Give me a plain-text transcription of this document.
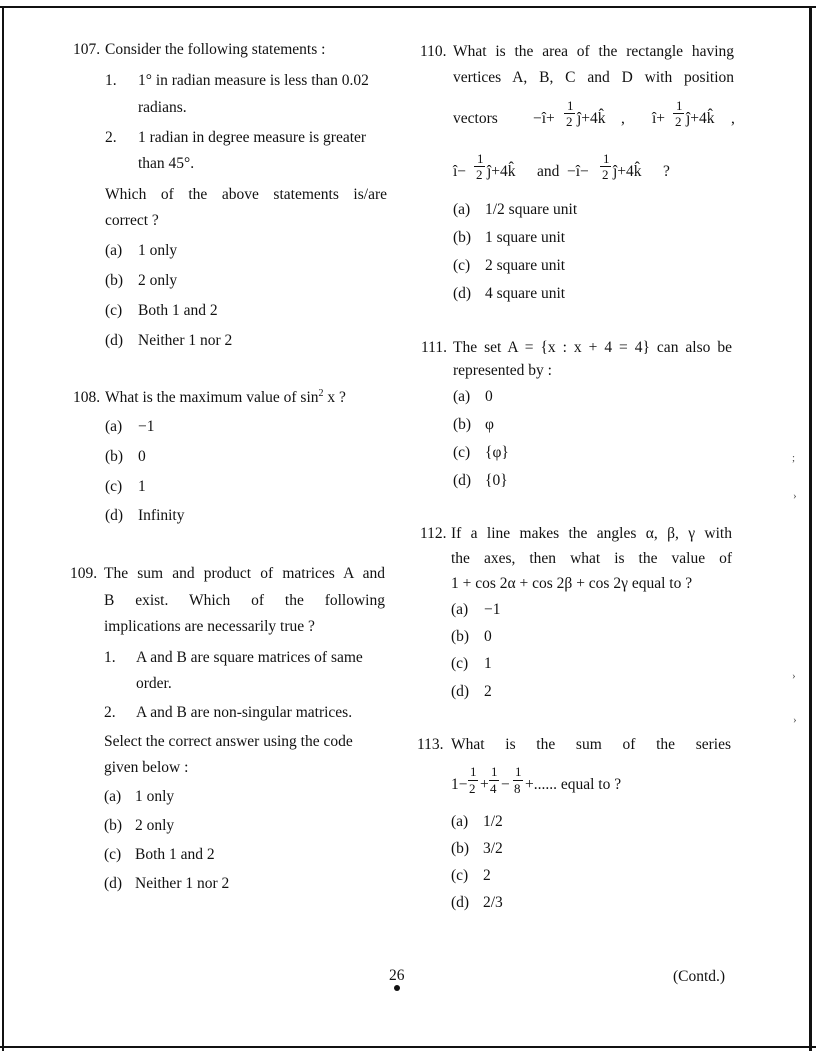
107. Consider the following statements :
1. 1° in radian measure is less than 0.02
radians.
2. 1 radian in degree measure is greater
than 45°.
Which of the above statements is/are
correct ?
(a) 1 only
(b) 2 only
(c) Both 1 and 2
(d) Neither 1 nor 2
108. What is the maximum value of $\sin^2 x$ ?
(a) −1
(b) 0
(c) 1
(d) Infinity
109. The sum and product of matrices A and
B exist. Which of the following
implications are necessarily true ?
1. A and B are square matrices of same
order.
2. A and B are non-singular matrices.
Select the correct answer using the code
given below :
(a) 1 only
(b) 2 only
(c) Both 1 and 2
(d) Neither 1 nor 2
110. What is the area of the rectangle having
vertices A, B, C and D with position
vectors −î+
1
2 ĵ+4k̂ , î+
1
2 ĵ+4k̂ ,
î−
1
2 ĵ+4k̂ and −î−
1
2 ĵ+4k̂ ?
(a) 1/2 square unit
(b) 1 square unit
(c) 2 square unit
(d) 4 square unit
111. The set A = {x : x + 4 = 4} can also be
represented by :
(a) 0
(b) φ
(c) {φ}
(d) {0}
112. If a line makes the angles α, β, γ with
the axes, then what is the value of
1 + cos 2α + cos 2β + cos 2γ equal to ?
(a) −1
(b) 0
(c) 1
(d) 2
113. What is the sum of the series
1−
1
2 +
1
4 −
1
8 +...... equal to ?
(a) 1/2
(b) 3/2
(c) 2
(d) 2/3
26	(Contd.)
;
›
›
›
